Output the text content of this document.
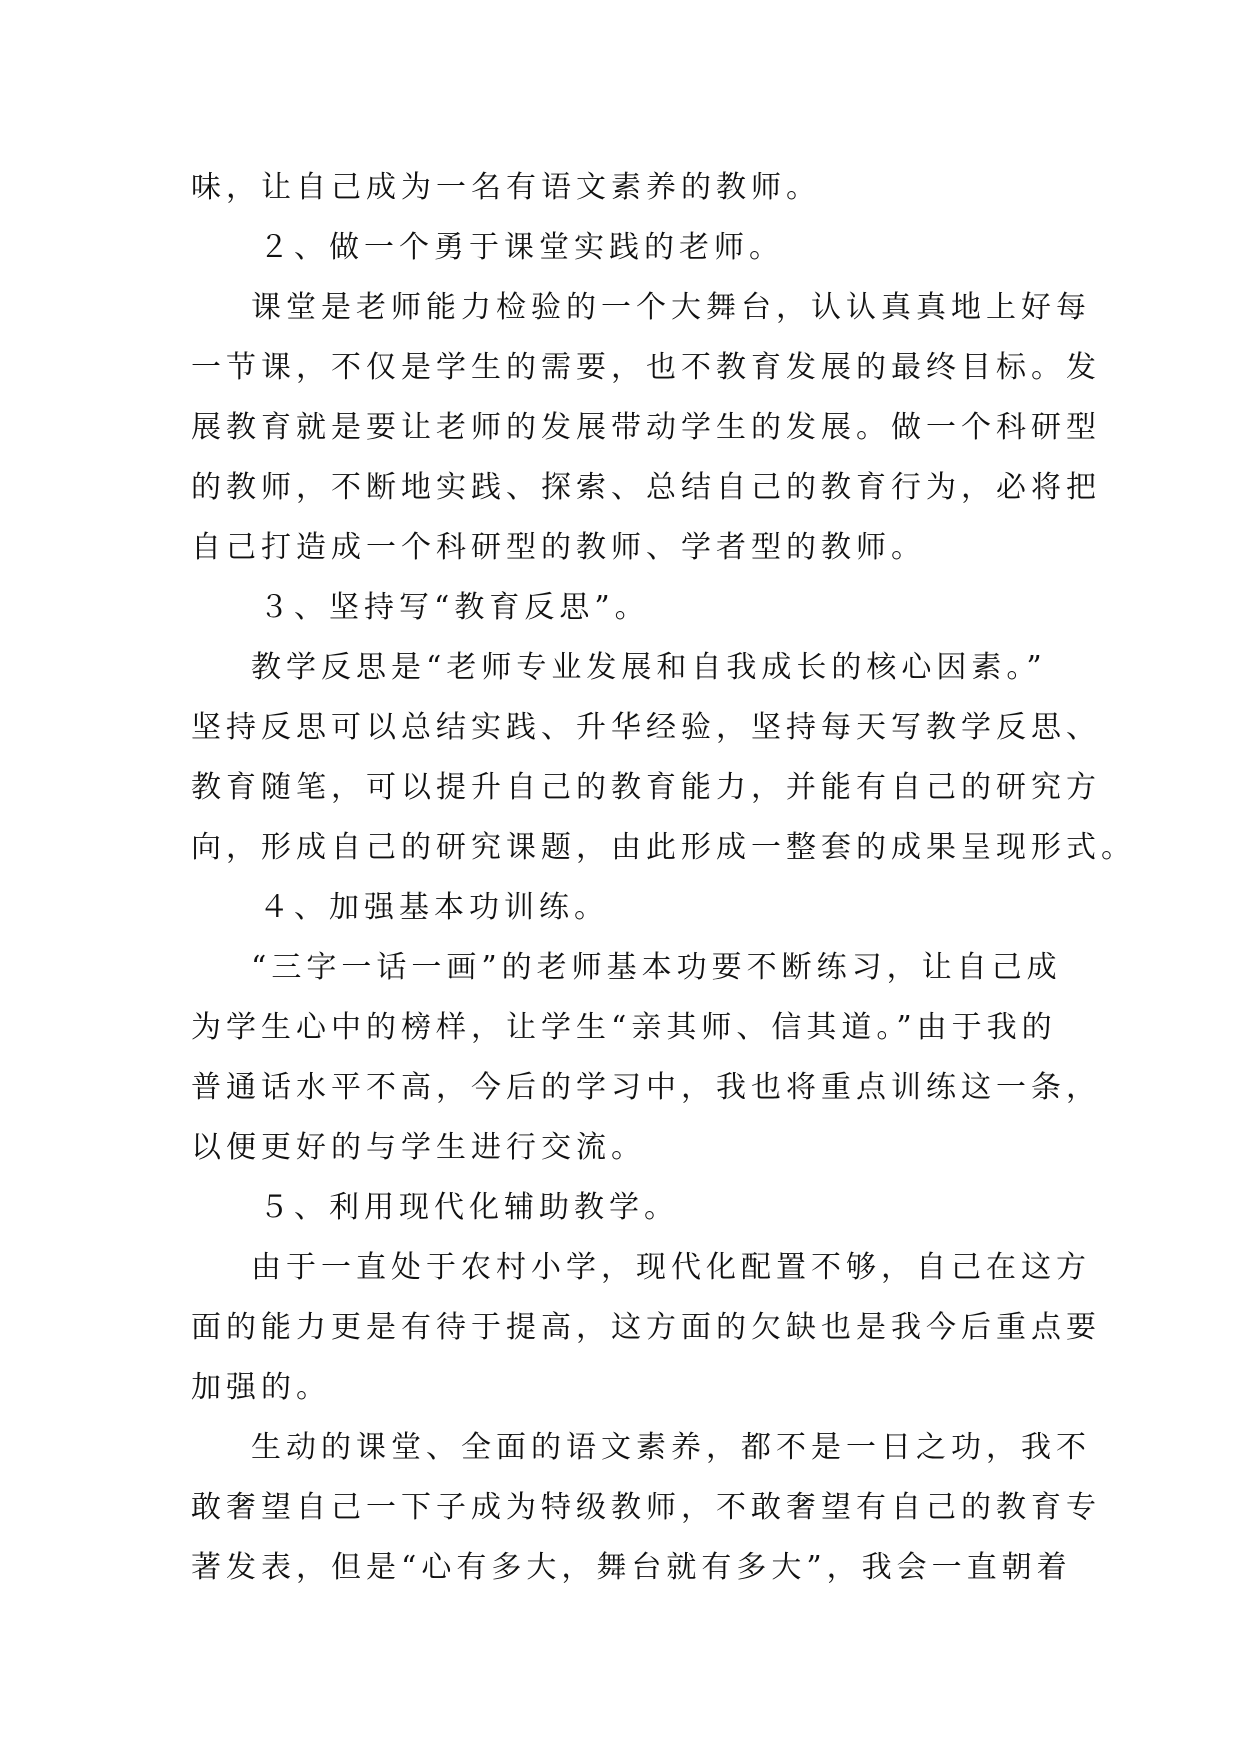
味，让自己成为一名有语文素养的教师。
２、做一个勇于课堂实践的老师。
课堂是老师能力检验的一个大舞台，认认真真地上好每
一节课，不仅是学生的需要，也不教育发展的最终目标。发
展教育就是要让老师的发展带动学生的发展。做一个科研型
的教师，不断地实践、探索、总结自己的教育行为，必将把
自己打造成一个科研型的教师、学者型的教师。
３、坚持写“教育反思”。
教学反思是“老师专业发展和自我成长的核心因素。”
坚持反思可以总结实践、升华经验，坚持每天写教学反思、
教育随笔，可以提升自己的教育能力，并能有自己的研究方
向，形成自己的研究课题，由此形成一整套的成果呈现形式。
４、加强基本功训练。
“三字一话一画”的老师基本功要不断练习，让自己成
为学生心中的榜样，让学生“亲其师、信其道。”由于我的
普通话水平不高，今后的学习中，我也将重点训练这一条，
以便更好的与学生进行交流。
５、利用现代化辅助教学。
由于一直处于农村小学，现代化配置不够，自己在这方
面的能力更是有待于提高，这方面的欠缺也是我今后重点要
加强的。
生动的课堂、全面的语文素养，都不是一日之功，我不
敢奢望自己一下子成为特级教师，不敢奢望有自己的教育专
著发表，但是“心有多大，舞台就有多大”，我会一直朝着
